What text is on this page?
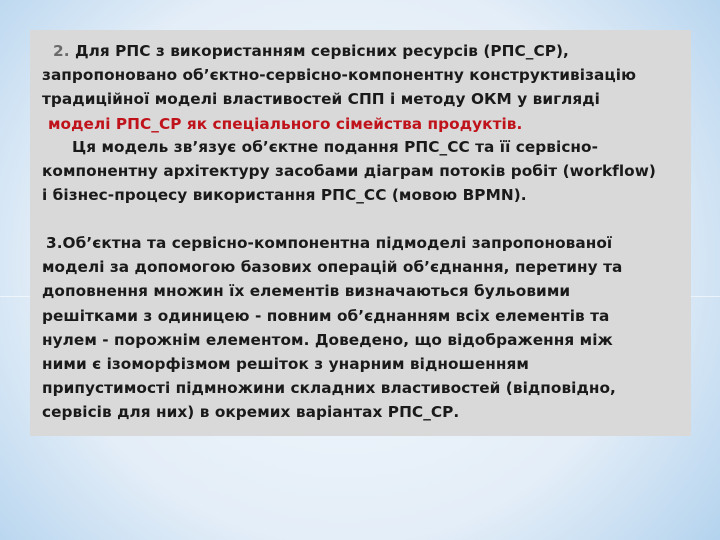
2. Для РПС з використанням сервісних ресурсів (РПС_СР),
запропоновано об’єктно-сервісно-компонентну конструктивізацію
традиційної моделі властивостей СПП і методу ОКМ у вигляді
моделі РПС_СР як спеціального сімейства продуктів.

Ця модель зв’язує об’єктне подання РПС_СС та її сервісно-
компонентну архітектуру засобами діаграм потоків робіт (workflow)
і бізнес-процесу використання РПС_СС (мовою BPMN).

3.Об’єктна та сервісно-компонентна підмоделі запропонованої
моделі за допомогою базових операцій об’єднання, перетину та
доповнення множин їх елементів визначаються бульовими
решітками з одиницею - повним об’єднанням всіх елементів та
нулем - порожнім елементом. Доведено, що відображення між
ними є ізоморфізмом решіток з унарним відношенням
припустимості підмножини складних властивостей (відповідно,
сервісів для них) в окремих варіантах РПС_СР.
